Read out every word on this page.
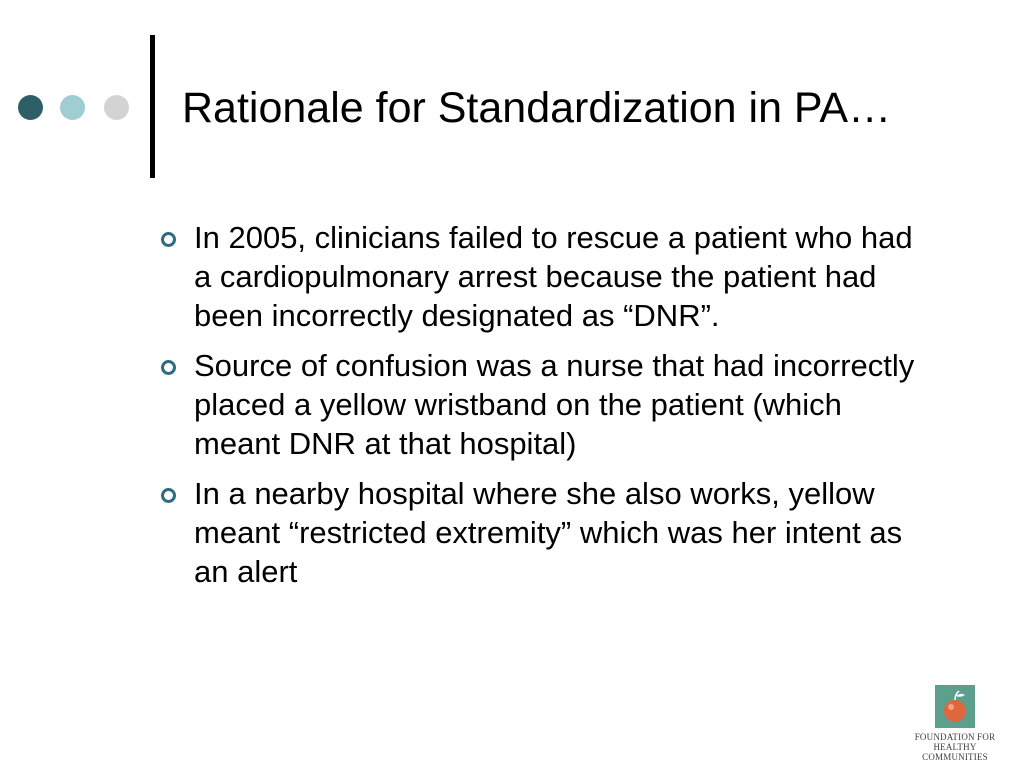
Rationale for Standardization in PA…
In 2005, clinicians failed to rescue a patient who had a cardiopulmonary arrest because the patient had been incorrectly designated as “DNR”.
Source of confusion was a nurse that had incorrectly placed a yellow wristband on the patient (which meant DNR at that hospital)
In a nearby hospital where she also works, yellow meant “restricted extremity” which was her intent as an alert
FOUNDATION FOR
HEALTHY COMMUNITIES
